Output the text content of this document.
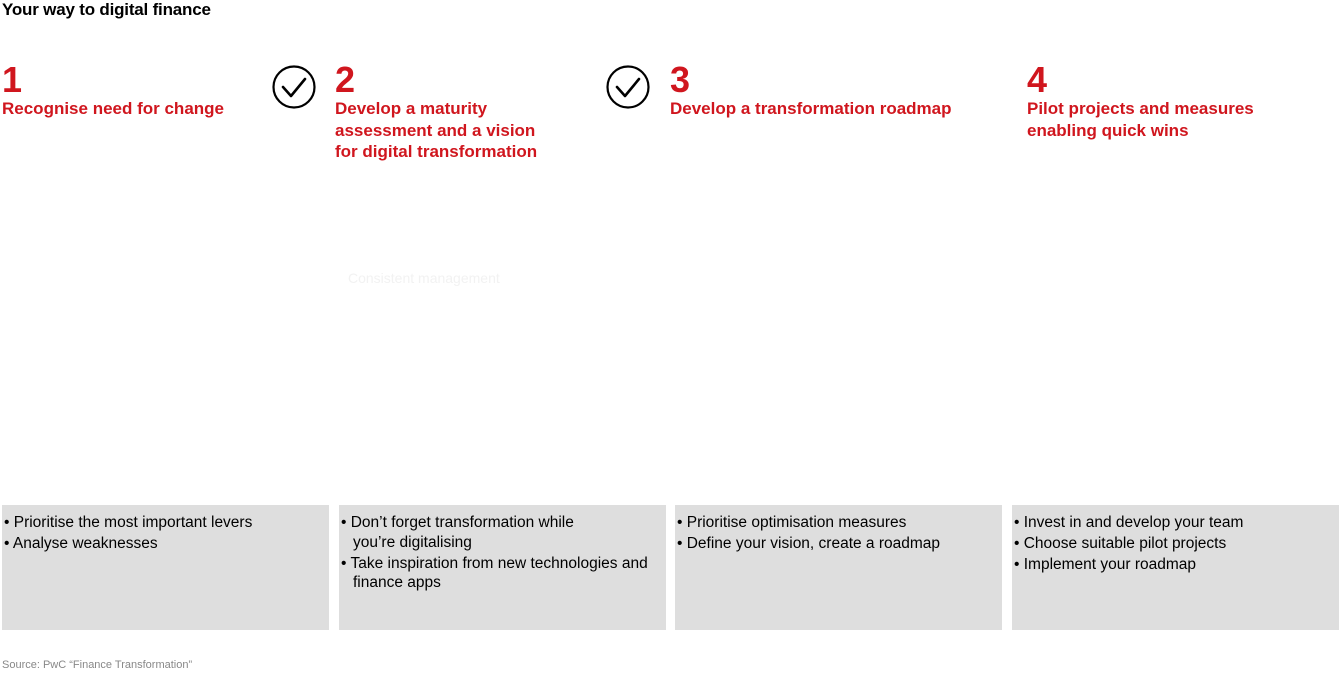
Your way to digital finance
1
Recognise need for change
2
Develop a maturity assessment and a vision for digital transformation
3
Develop a transformation roadmap
4
Pilot projects and measures enabling quick wins
Consistent management
• Prioritise the most important levers
• Analyse weaknesses
• Don’t forget transformation while you’re digitalising
• Take inspiration from new technologies and finance apps
• Prioritise optimisation measures
• Define your vision, create a roadmap
• Invest in and develop your team
• Choose suitable pilot projects
• Implement your roadmap
Source: PwC “Finance Transformation”
